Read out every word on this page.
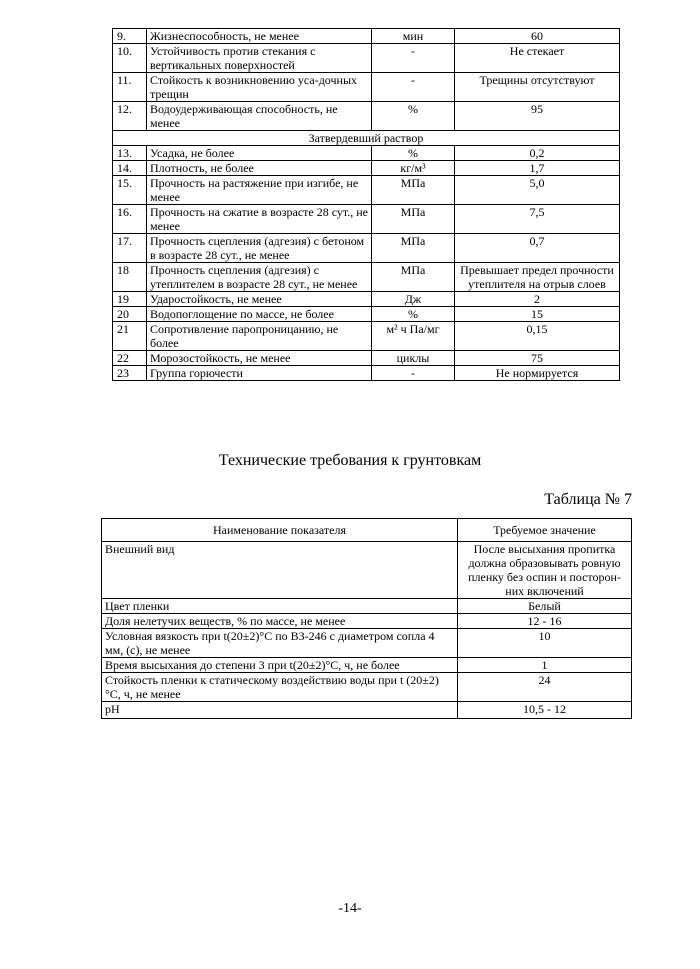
9.	Жизнеспособность, не менее	мин	60
10.	Устойчивость против стекания с вертикальных поверхностей	-	Не стекает
11.	Стойкость к возникновению уса-дочных трещин	-	Трещины отсутствуют
12.	Водоудерживающая способность, не менее	%	95
Затвердевший раствор			
13.	Усадка, не более	%	0,2
14.	Плотность, не более	кг/м³	1,7
15.	Прочность на растяжение при изгибе, не менее	МПа	5,0
16.	Прочность на сжатие в возрасте 28 сут., не менее	МПа	7,5
17.	Прочность сцепления (адгезия) с бетоном в возрасте 28 сут., не менее	МПа	0,7
18	Прочность сцепления (адгезия) с утеплителем в возрасте 28 сут., не менее	МПа	Превышает предел прочности утеплителя на отрыв слоев
19	Ударостойкость, не менее	Дж	2
20	Водопоглощение по массе, не более	%	15
21	Сопротивление паропроницанию, не более	м² ч Па/мг	0,15
22	Морозостойкость, не менее	циклы	75
23	Группа горючести	-	Не нормируется
Технические требования к грунтовкам
Таблица № 7
Наименование показателя	Требуемое значение
Внешний вид	После высыхания пропитка должна образовывать ровную пленку без оспин и посторон-них включений
Цвет пленки	Белый
Доля нелетучих веществ, % по массе, не менее	12 - 16
Условная вязкость при t(20±2)°С по ВЗ-246 с диаметром сопла 4 мм, (с), не менее	10
Время высыхания до степени 3 при t(20±2)°С, ч, не более	1
Стойкость пленки к статическому воздействию воды при t (20±2)°С, ч, не менее	24
pH	10,5 - 12
-14-
